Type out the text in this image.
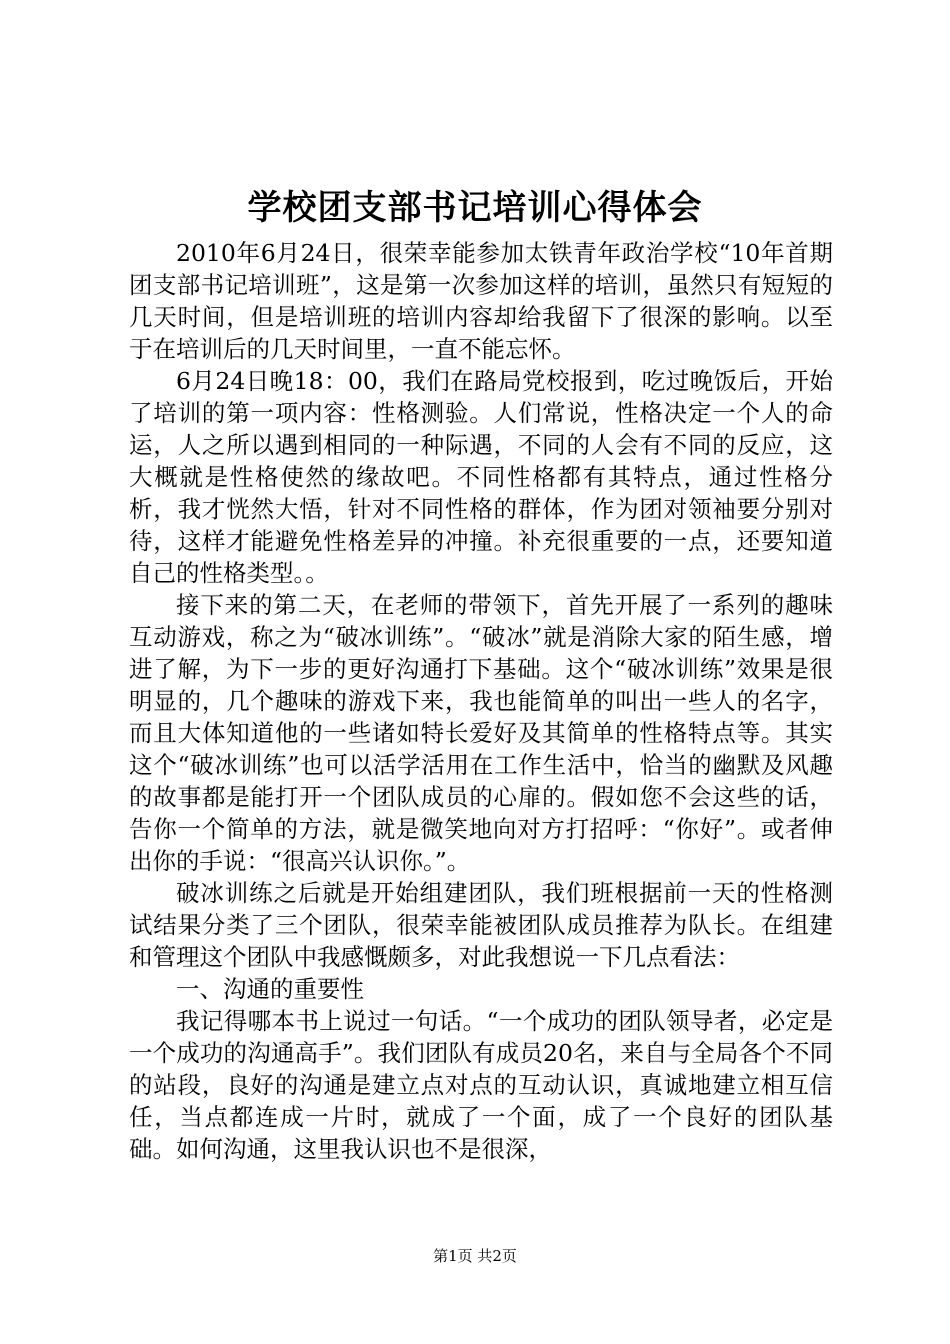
学校团支部书记培训心得体会

2010年6月24日，很荣幸能参加太铁青年政治学校“10年首期团支部书记培训班”，这是第一次参加这样的培训，虽然只有短短的几天时间，但是培训班的培训内容却给我留下了很深的影响。以至于在培训后的几天时间里，一直不能忘怀。

6月24日晚18：00，我们在路局党校报到，吃过晚饭后，开始了培训的第一项内容：性格测验。人们常说，性格决定一个人的命运，人之所以遇到相同的一种际遇，不同的人会有不同的反应，这大概就是性格使然的缘故吧。不同性格都有其特点，通过性格分析，我才恍然大悟，针对不同性格的群体，作为团对领袖要分别对待，这样才能避免性格差异的冲撞。补充很重要的一点，还要知道自己的性格类型。。

接下来的第二天，在老师的带领下，首先开展了一系列的趣味互动游戏，称之为“破冰训练”。“破冰”就是消除大家的陌生感，增进了解，为下一步的更好沟通打下基础。这个“破冰训练”效果是很明显的，几个趣味的游戏下来，我也能简单的叫出一些人的名字，而且大体知道他的一些诸如特长爱好及其简单的性格特点等。其实这个“破冰训练”也可以活学活用在工作生活中，恰当的幽默及风趣的故事都是能打开一个团队成员的心扉的。假如您不会这些的话，告你一个简单的方法，就是微笑地向对方打招呼：“你好”。或者伸出你的手说：“很高兴认识你。”。

破冰训练之后就是开始组建团队，我们班根据前一天的性格测试结果分类了三个团队，很荣幸能被团队成员推荐为队长。在组建和管理这个团队中我感慨颇多，对此我想说一下几点看法：

一、沟通的重要性

我记得哪本书上说过一句话。“一个成功的团队领导者，必定是一个成功的沟通高手”。我们团队有成员20名，来自与全局各个不同的站段，良好的沟通是建立点对点的互动认识，真诚地建立相互信任，当点都连成一片时，就成了一个面，成了一个良好的团队基础。如何沟通，这里我认识也不是很深，

第1页 共2页
